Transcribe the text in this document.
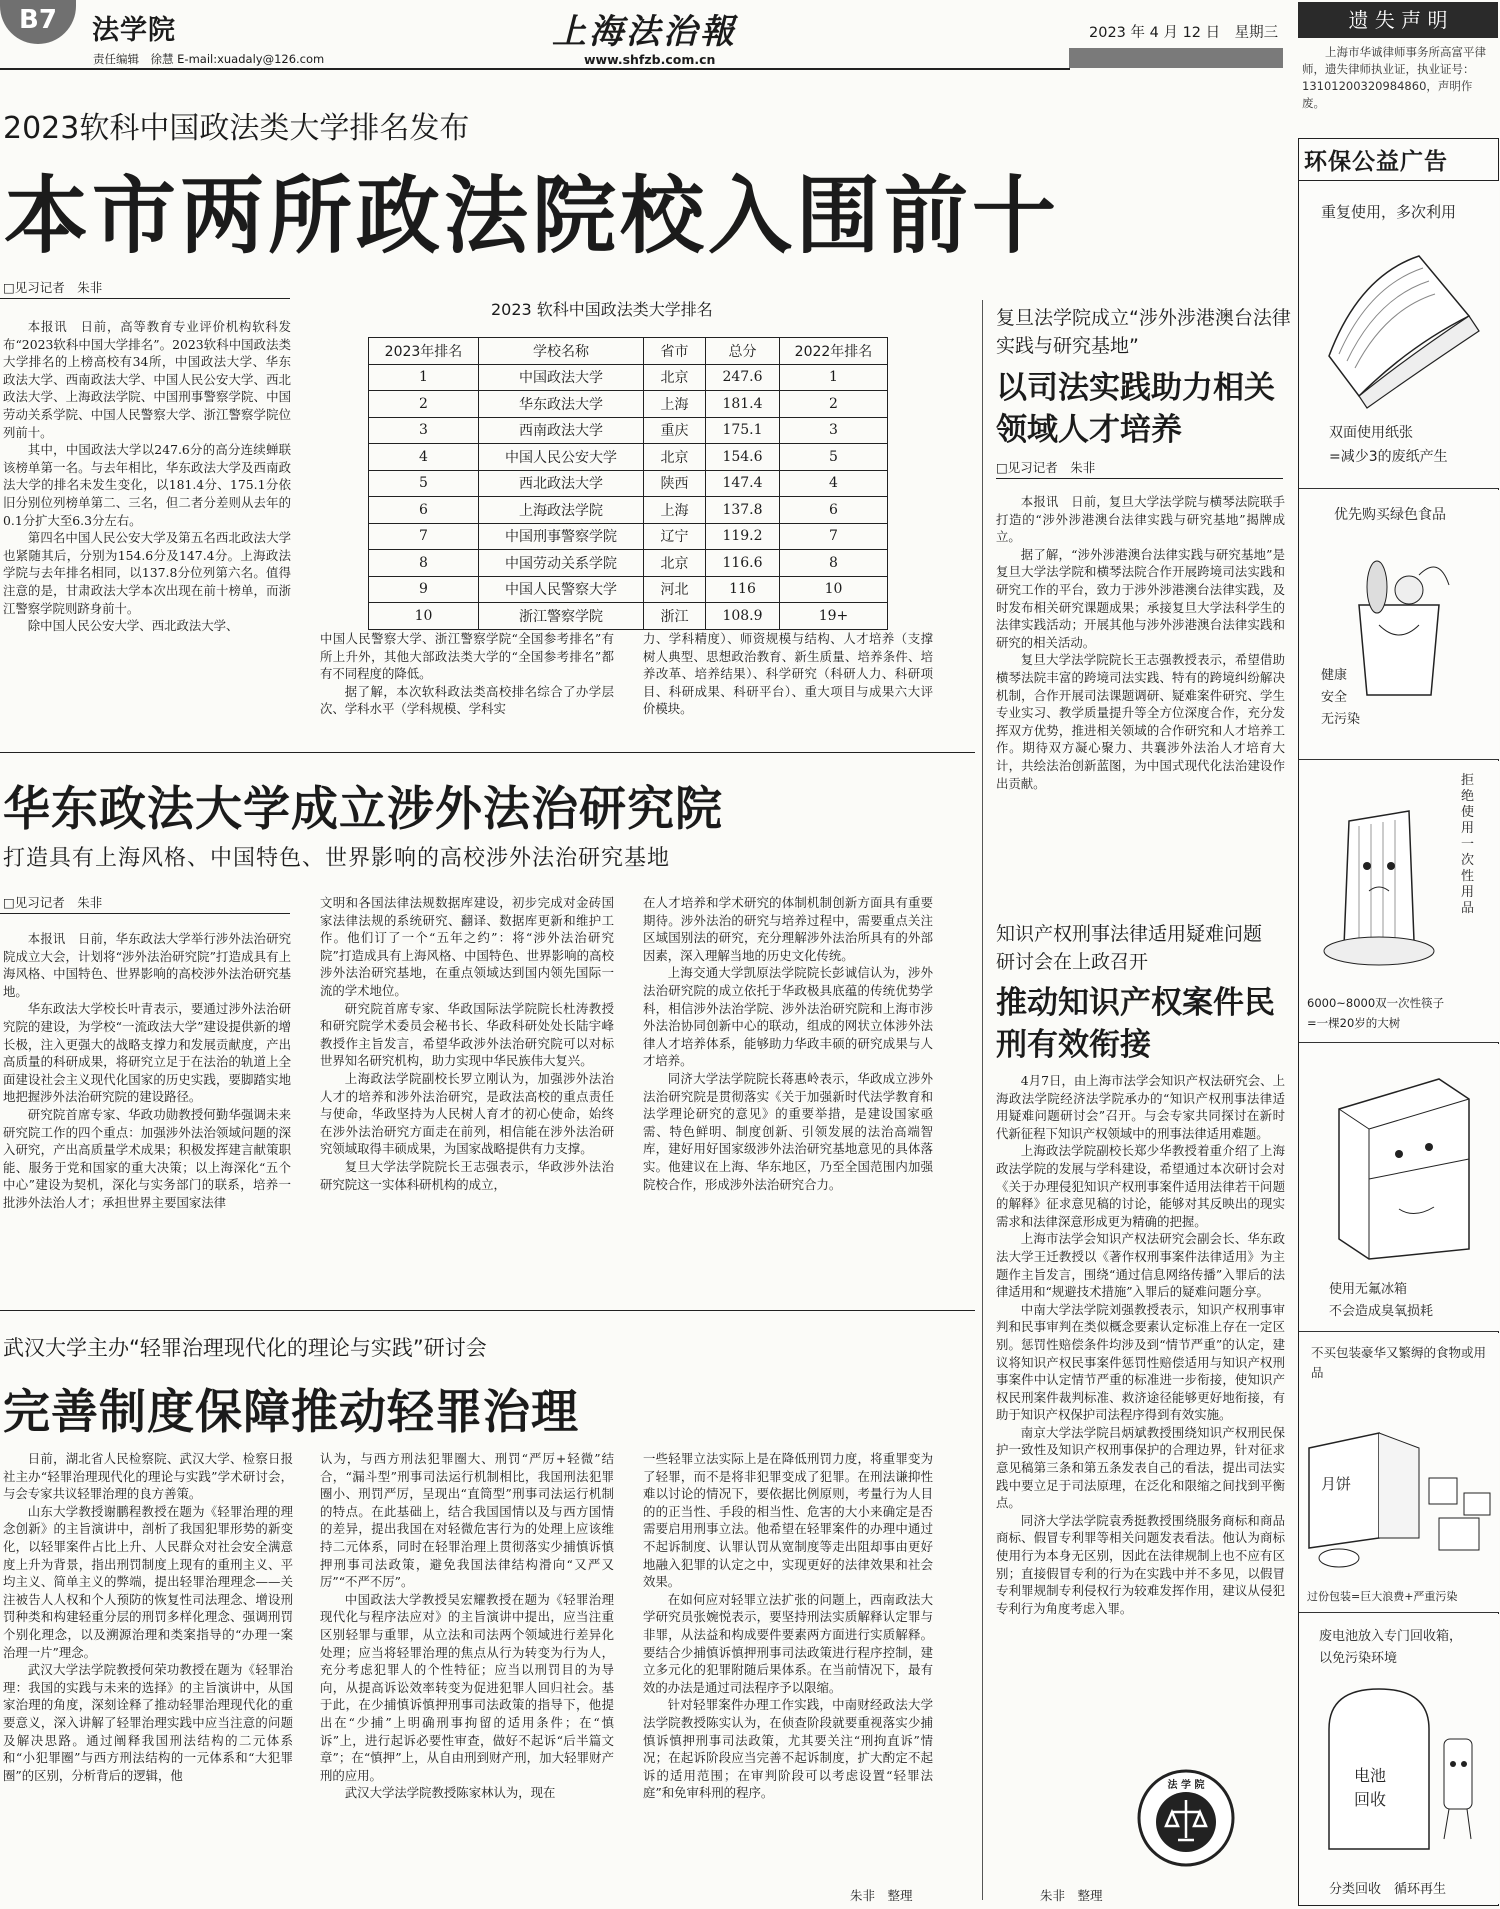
B7	法学院
责任编辑　徐慧 E-mail:xuadaly@126.com
上海法治報
www.shfzb.com.cn
2023 年 4 月 12 日　星期三
2023软科中国政法类大学排名发布
本市两所政法院校入围前十
□见习记者　朱非

本报讯　日前，高等教育专业评价机构软科发布“2023软科中国大学排名”。2023软科中国政法类大学排名的上榜高校有34所，中国政法大学、华东政法大学、西南政法大学、中国人民公安大学、西北政法大学、上海政法学院、中国刑事警察学院、中国劳动关系学院、中国人民警察大学、浙江警察学院位列前十。

其中，中国政法大学以247.6分的高分连续蝉联该榜单第一名。与去年相比，华东政法大学及西南政法大学的排名未发生变化，以181.4分、175.1分依旧分别位列榜单第二、三名，但二者分差则从去年的0.1分扩大至6.3分左右。

第四名中国人民公安大学及第五名西北政法大学也紧随其后，分别为154.6分及147.4分。上海政法学院与去年排名相同，以137.8分位列第六名。值得注意的是，甘肃政法大学本次出现在前十榜单，而浙江警察学院则跻身前十。

除中国人民公安大学、西北政法大学、

2023 软科中国政法类大学排名
2023年排名	学校名称	省市	总分	2022年排名
1	中国政法大学	北京	247.6	1
2	华东政法大学	上海	181.4	2
3	西南政法大学	重庆	175.1	3
4	中国人民公安大学	北京	154.6	5
5	西北政法大学	陕西	147.4	4
6	上海政法学院	上海	137.8	6
7	中国刑事警察学院	辽宁	119.2	7
8	中国劳动关系学院	北京	116.6	8
9	中国人民警察大学	河北	116	10
10	浙江警察学院	浙江	108.9	19+

中国人民警察大学、浙江警察学院“全国参考排名”有所上升外，其他大部政法类大学的“全国参考排名”都有不同程度的降低。

据了解，本次软科政法类高校排名综合了办学层次、学科水平（学科规模、学科实

力、学科精度）、师资规模与结构、人才培养（支撑树人典型、思想政治教育、新生质量、培养条件、培养改革、培养结果）、科学研究（科研人力、科研项目、科研成果、科研平台）、重大项目与成果六大评价模块。

复旦法学院成立“涉外涉港澳台法律实践与研究基地”
以司法实践助力相关领域人才培养
□见习记者　朱非

本报讯　日前，复旦大学法学院与横琴法院联手打造的“涉外涉港澳台法律实践与研究基地”揭牌成立。

据了解，“涉外涉港澳台法律实践与研究基地”是复旦大学法学院和横琴法院合作开展跨境司法实践和研究工作的平台，致力于涉外涉港澳台法律实践，及时发布相关研究课题成果；承接复旦大学法科学生的法律实践活动；开展其他与涉外涉港澳台法律实践和研究的相关活动。

复旦大学法学院院长王志强教授表示，希望借助横琴法院丰富的跨境司法实践、特有的跨境纠纷解决机制，合作开展司法课题调研、疑难案件研究、学生专业实习、教学质量提升等全方位深度合作，充分发挥双方优势，推进相关领域的合作研究和人才培养工作。期待双方凝心聚力、共襄涉外法治人才培育大计，共绘法治创新蓝图，为中国式现代化法治建设作出贡献。

华东政法大学成立涉外法治研究院
打造具有上海风格、中国特色、世界影响的高校涉外法治研究基地
□见习记者　朱非

本报讯　日前，华东政法大学举行涉外法治研究院成立大会，计划将“涉外法治研究院”打造成具有上海风格、中国特色、世界影响的高校涉外法治研究基地。

华东政法大学校长叶青表示，要通过涉外法治研究院的建设，为学校“一流政法大学”建设提供新的增长极，注入更强大的战略支撑力和发展贡献度，产出高质量的科研成果，将研究立足于在法治的轨道上全面建设社会主义现代化国家的历史实践，要脚踏实地地把握涉外法治研究院的建设路径。

研究院首席专家、华政功勋教授何勤华强调未来研究院工作的四个重点：加强涉外法治领域问题的深入研究，产出高质量学术成果；积极发挥建言献策职能、服务于党和国家的重大决策；以上海深化“五个中心”建设为契机，深化与实务部门的联系，培养一批涉外法治人才；承担世界主要国家法律

文明和各国法律法规数据库建设，初步完成对金砖国家法律法规的系统研究、翻译、数据库更新和维护工作。他们订了一个“五年之约”：将“涉外法治研究院”打造成具有上海风格、中国特色、世界影响的高校涉外法治研究基地，在重点领域达到国内领先国际一流的学术地位。

研究院首席专家、华政国际法学院院长杜涛教授和研究院学术委员会秘书长、华政科研处处长陆宇峰教授作主旨发言，希望华政涉外法治研究院可以对标世界知名研究机构，助力实现中华民族伟大复兴。

上海政法学院副校长罗立刚认为，加强涉外法治人才的培养和涉外法治研究，是政法高校的重点责任与使命，华政坚持为人民树人育才的初心使命，始终在涉外法治研究方面走在前列，相信能在涉外法治研究领域取得丰硕成果，为国家战略提供有力支撑。

复旦大学法学院院长王志强表示，华政涉外法治研究院这一实体科研机构的成立，

在人才培养和学术研究的体制机制创新方面具有重要期待。涉外法治的研究与培养过程中，需要重点关注区域国别法的研究，充分理解涉外法治所具有的外部因素，深入理解当地的历史文化传统。

上海交通大学凯原法学院院长彭诚信认为，涉外法治研究院的成立依托于华政极具底蕴的传统优势学科，相信涉外法治学院、涉外法治研究院和上海市涉外法治协同创新中心的联动，组成的网状立体涉外法律人才培养体系，能够助力华政丰硕的研究成果与人才培养。

同济大学法学院院长蒋惠岭表示，华政成立涉外法治研究院是贯彻落实《关于加强新时代法学教育和法学理论研究的意见》的重要举措，是建设国家亟需、特色鲜明、制度创新、引领发展的法治高端智库，建好用好国家级涉外法治研究基地意见的具体落实。他建议在上海、华东地区，乃至全国范围内加强院校合作，形成涉外法治研究合力。

知识产权刑事法律适用疑难问题研讨会在上政召开
推动知识产权案件民刑有效衔接

4月7日，由上海市法学会知识产权法研究会、上海政法学院经济法学院承办的“知识产权刑事法律适用疑难问题研讨会”召开。与会专家共同探讨在新时代新征程下知识产权领域中的刑事法律适用难题。

上海政法学院副校长郑少华教授着重介绍了上海政法学院的发展与学科建设，希望通过本次研讨会对《关于办理侵犯知识产权刑事案件适用法律若干问题的解释》征求意见稿的讨论，能够对其反映出的现实需求和法律深意形成更为精确的把握。

上海市法学会知识产权法研究会副会长、华东政法大学王迁教授以《著作权刑事案件法律适用》为主题作主旨发言，围绕“通过信息网络传播”入罪后的法律适用和“规避技术措施”入罪后的疑难问题分享。

中南大学法学院刘强教授表示，知识产权刑事审判和民事审判在类似概念要素认定标准上存在一定区别。惩罚性赔偿条件均涉及到“情节严重”的认定，建议将知识产权民事案件惩罚性赔偿适用与知识产权刑事案件中认定情节严重的标准进一步衔接，使知识产权民刑案件裁判标准、救济途径能够更好地衔接，有助于知识产权保护司法程序得到有效实施。

南京大学法学院吕炳斌教授围绕知识产权刑民保护一致性及知识产权刑事保护的合理边界，针对征求意见稿第三条和第五条发表自己的看法，提出司法实践中要立足于司法原理，在泛化和限缩之间找到平衡点。

同济大学法学院袁秀挺教授围绕服务商标和商品商标、假冒专利罪等相关问题发表看法。他认为商标使用行为本身无区别，因此在法律规制上也不应有区别；直接假冒专利的行为在实践中并不多见，以假冒专利罪规制专利侵权行为较难发挥作用，建议从侵犯专利行为角度考虑入罪。

朱非　整理	朱非　整理
法 学 院
武汉大学主办“轻罪治理现代化的理论与实践”研讨会
完善制度保障推动轻罪治理

日前，湖北省人民检察院、武汉大学、检察日报社主办“轻罪治理现代化的理论与实践”学术研讨会，与会专家共议轻罪治理的良方善策。

山东大学教授谢鹏程教授在题为《轻罪治理的理念创新》的主旨演讲中，剖析了我国犯罪形势的新变化，以轻罪案件占比上升、人民群众对社会安全满意度上升为背景，指出刑罚制度上现有的重刑主义、平均主义、简单主义的弊端，提出轻罪治理理念——关注被告人人权和个人预防的恢复性司法理念、增设刑罚种类和构建轻重分层的刑罚多样化理念、强调刑罚个别化理念，以及溯源治理和类案指导的“办理一案治理一片”理念。

武汉大学法学院教授何荣功教授在题为《轻罪治理：我国的实践与未来的选择》的主旨演讲中，从国家治理的角度，深刻诠释了推动轻罪治理现代化的重要意义，深入讲解了轻罪治理实践中应当注意的问题及解决思路。通过阐释我国刑法结构的二元体系和“小犯罪圈”与西方刑法结构的一元体系和“大犯罪圈”的区别，分析背后的逻辑，他

认为，与西方刑法犯罪圈大、刑罚“严厉+轻微”结合，“漏斗型”刑事司法运行机制相比，我国刑法犯罪圈小、刑罚严厉，呈现出“直筒型”刑事司法运行机制的特点。在此基础上，结合我国国情以及与西方国情的差异，提出我国在对轻微危害行为的处理上应该维持二元体系，同时在轻罪治理上贯彻落实少捕慎诉慎押刑事司法政策，避免我国法律结构滑向“又严又厉”“不严不厉”。

中国政法大学教授吴宏耀教授在题为《轻罪治理现代化与程序法应对》的主旨演讲中提出，应当注重区别轻罪与重罪，从立法和司法两个领域进行差异化处理；应当将轻罪治理的焦点从行为转变为行为人，充分考虑犯罪人的个性特征；应当以刑罚目的为导向，从提高诉讼效率转变为促进犯罪人回归社会。基于此，在少捕慎诉慎押刑事司法政策的指导下，他提出在“少捕”上明确刑事拘留的适用条件；在“慎诉”上，进行起诉必要性审查，做好不起诉“后半篇文章”；在“慎押”上，从自由刑到财产刑，加大轻罪财产刑的应用。

武汉大学法学院教授陈家林认为，现在

一些轻罪立法实际上是在降低刑罚力度，将重罪变为了轻罪，而不是将非犯罪变成了犯罪。在刑法谦抑性难以讨论的情况下，要依据比例原则，考量行为人目的的正当性、手段的相当性、危害的大小来确定是否需要启用刑事立法。他希望在轻罪案件的办理中通过不起诉制度、认罪认罚从宽制度等走出阻却事由更好地融入犯罪的认定之中，实现更好的法律效果和社会效果。

在如何应对轻罪立法扩张的问题上，西南政法大学研究员张婉悦表示，要坚持刑法实质解释认定罪与非罪，从法益和构成要件要素两方面进行实质解释。要结合少捕慎诉慎押刑事司法政策进行程序控制，建立多元化的犯罪附随后果体系。在当前情况下，最有效的办法是通过司法程序予以限缩。

针对轻罪案件办理工作实践，中南财经政法大学法学院教授陈实认为，在侦查阶段就要重视落实少捕慎诉慎押刑事司法政策，尤其要关注“刑拘直诉”情况；在起诉阶段应当完善不起诉制度，扩大酌定不起诉的适用范围；在审判阶段可以考虑设置“轻罪法庭”和免审科刑的程序。

遗 失 声 明
上海市华诚律师事务所高富平律师，遗失律师执业证，执业证号：13101200320984860，声明作废。
环保公益广告
重复使用，多次利用
双面使用纸张
=减少3的废纸产生
优先购买绿色食品
健康
安全
无污染
拒
绝
使
用
一
次
性
用
品
6000~8000双一次性筷子
=一棵20岁的大树
使用无氟冰箱
不会造成臭氧损耗
不买包装豪华又繁缛的食物或用品
月饼
过份包装=巨大浪费+严重污染
废电池放入专门回收箱，
以免污染环境
电池
回收
分类回收　循环再生
